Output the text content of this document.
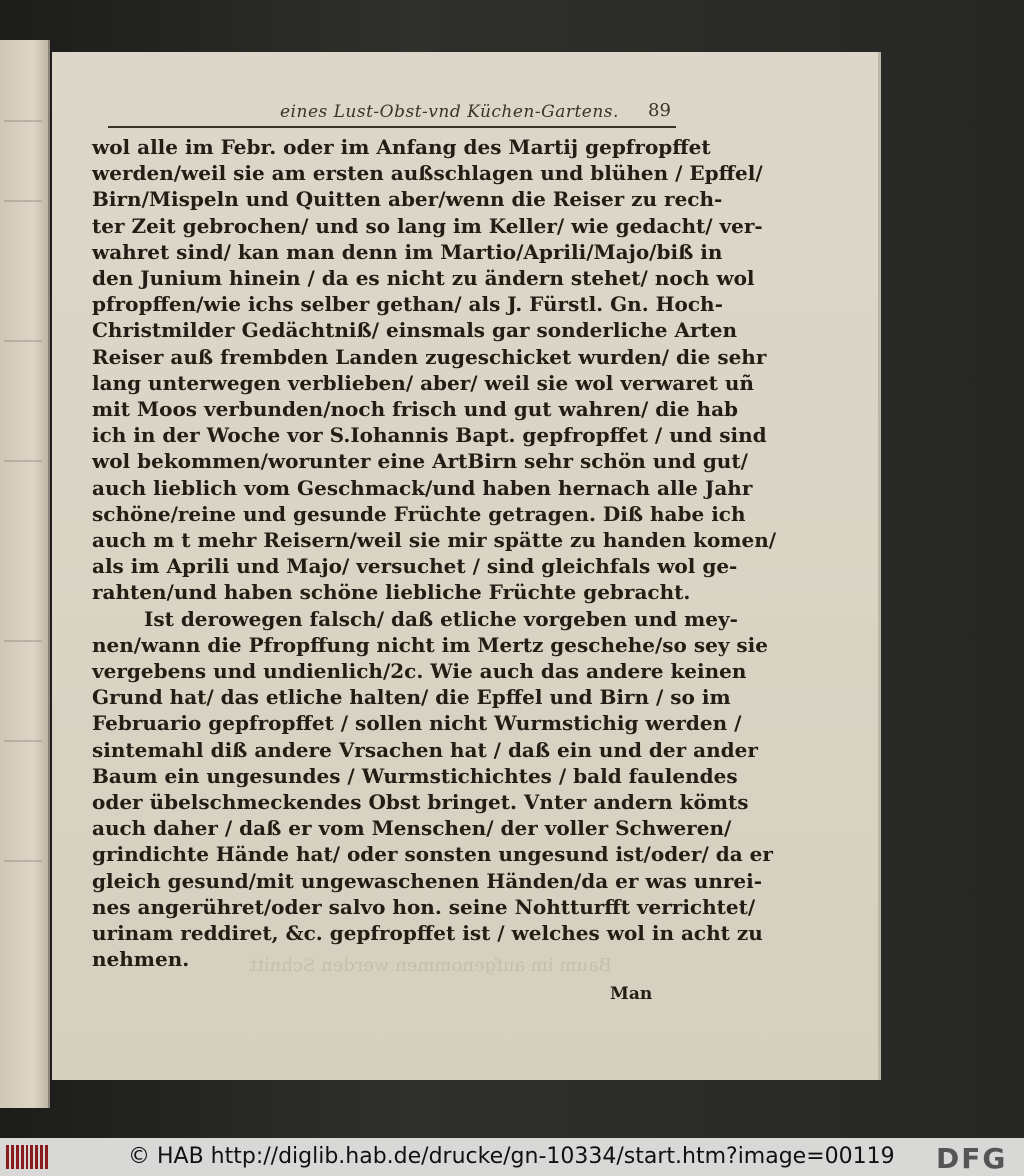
eines Lust-Obst-vnd Küchen-Gartens.	89
wol alle im Febr. oder im Anfang des Martij gepfropffet
werden/weil sie am ersten außschlagen und blühen / Epffel/
Birn/Mispeln und Quitten aber/wenn die Reiser zu rech-
ter Zeit gebrochen/ und so lang im Keller/ wie gedacht/ ver-
wahret sind/ kan man denn im Martio/Aprili/Majo/biß in
den Junium hinein / da es nicht zu ändern stehet/ noch wol
pfropffen/wie ichs selber gethan/ als J. Fürstl. Gn. Hoch-
Christmilder Gedächtniß/ einsmals gar sonderliche Arten
Reiser auß frembden Landen zugeschicket wurden/ die sehr
lang unterwegen verblieben/ aber/ weil sie wol verwaret uñ
mit Moos verbunden/noch frisch und gut wahren/ die hab
ich in der Woche vor S.Iohannis Bapt. gepfropffet / und sind
wol bekommen/worunter eine ArtBirn sehr schön und gut/
auch lieblich vom Geschmack/und haben hernach alle Jahr
schöne/reine und gesunde Früchte getragen. Diß habe ich
auch m t mehr Reisern/weil sie mir spätte zu handen komen/
als im Aprili und Majo/ versuchet / sind gleichfals wol ge-
rahten/und haben schöne liebliche Früchte gebracht.
Ist derowegen falsch/ daß etliche vorgeben und mey-
nen/wann die Pfropffung nicht im Mertz geschehe/so sey sie
vergebens und undienlich/2c. Wie auch das andere keinen
Grund hat/ das etliche halten/ die Epffel und Birn / so im
Februario gepfropffet / sollen nicht Wurmstichig werden /
sintemahl diß andere Vrsachen hat / daß ein und der ander
Baum ein ungesundes / Wurmstichichtes / bald faulendes
oder übelschmeckendes Obst bringet. Vnter andern kömts
auch daher / daß er vom Menschen/ der voller Schweren/
grindichte Hände hat/ oder sonsten ungesund ist/oder/ da er
gleich gesund/mit ungewaschenen Händen/da er was unrei-
nes angerühret/oder salvo hon. seine Nohtturfft verrichtet/
urinam reddiret, &c. gepfropffet ist / welches wol in acht zu
nehmen.	Baum im aufgenommen werden Schnitt
Man
© HAB http://diglib.hab.de/drucke/gn-10334/start.htm?image=00119 DFG
